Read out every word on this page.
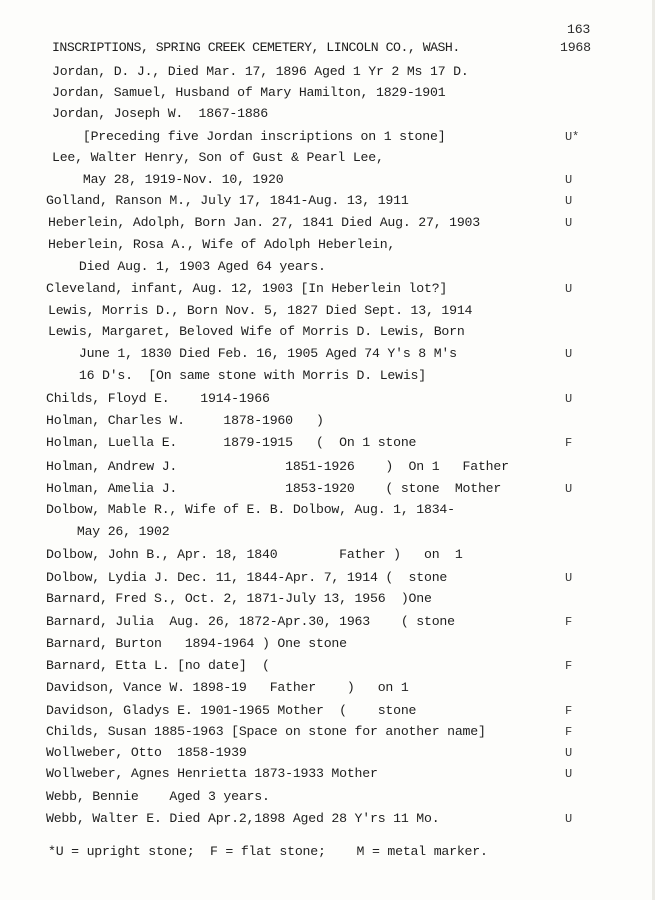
163
INSCRIPTIONS, SPRING CREEK CEMETERY, LINCOLN CO., WASH.	1968
Jordan, D. J., Died Mar. 17, 1896 Aged 1 Yr 2 Ms 17 D.
Jordan, Samuel, Husband of Mary Hamilton, 1829-1901
Jordan, Joseph W.  1867-1886
[Preceding five Jordan inscriptions on 1 stone]	U*
Lee, Walter Henry, Son of Gust & Pearl Lee,
May 28, 1919-Nov. 10, 1920	U
Golland, Ranson M., July 17, 1841-Aug. 13, 1911	U
Heberlein, Adolph, Born Jan. 27, 1841 Died Aug. 27, 1903	U
Heberlein, Rosa A., Wife of Adolph Heberlein,
Died Aug. 1, 1903 Aged 64 years.
Cleveland, infant, Aug. 12, 1903 [In Heberlein lot?]	U
Lewis, Morris D., Born Nov. 5, 1827 Died Sept. 13, 1914
Lewis, Margaret, Beloved Wife of Morris D. Lewis, Born
June 1, 1830 Died Feb. 16, 1905 Aged 74 Y's 8 M's	U
16 D's.  [On same stone with Morris D. Lewis]
Childs, Floyd E.    1914-1966	U
Holman, Charles W.     1878-1960   )
Holman, Luella E.      1879-1915   (  On 1 stone	F
Holman, Andrew J.              1851-1926    )  On 1   Father
Holman, Amelia J.              1853-1920    ( stone  Mother	U
Dolbow, Mable R., Wife of E. B. Dolbow, Aug. 1, 1834-
May 26, 1902
Dolbow, John B., Apr. 18, 1840        Father )   on  1
Dolbow, Lydia J. Dec. 11, 1844-Apr. 7, 1914 (  stone	U
Barnard, Fred S., Oct. 2, 1871-July 13, 1956  )One
Barnard, Julia  Aug. 26, 1872-Apr.30, 1963    ( stone	F
Barnard, Burton   1894-1964 ) One stone
Barnard, Etta L. [no date]  (	F
Davidson, Vance W. 1898-19   Father    )   on 1
Davidson, Gladys E. 1901-1965 Mother  (    stone	F
Childs, Susan 1885-1963 [Space on stone for another name]	F
Wollweber, Otto  1858-1939	U
Wollweber, Agnes Henrietta 1873-1933 Mother	U
Webb, Bennie    Aged 3 years.
Webb, Walter E. Died Apr.2,1898 Aged 28 Y'rs 11 Mo.	U
*U = upright stone;  F = flat stone;    M = metal marker.
